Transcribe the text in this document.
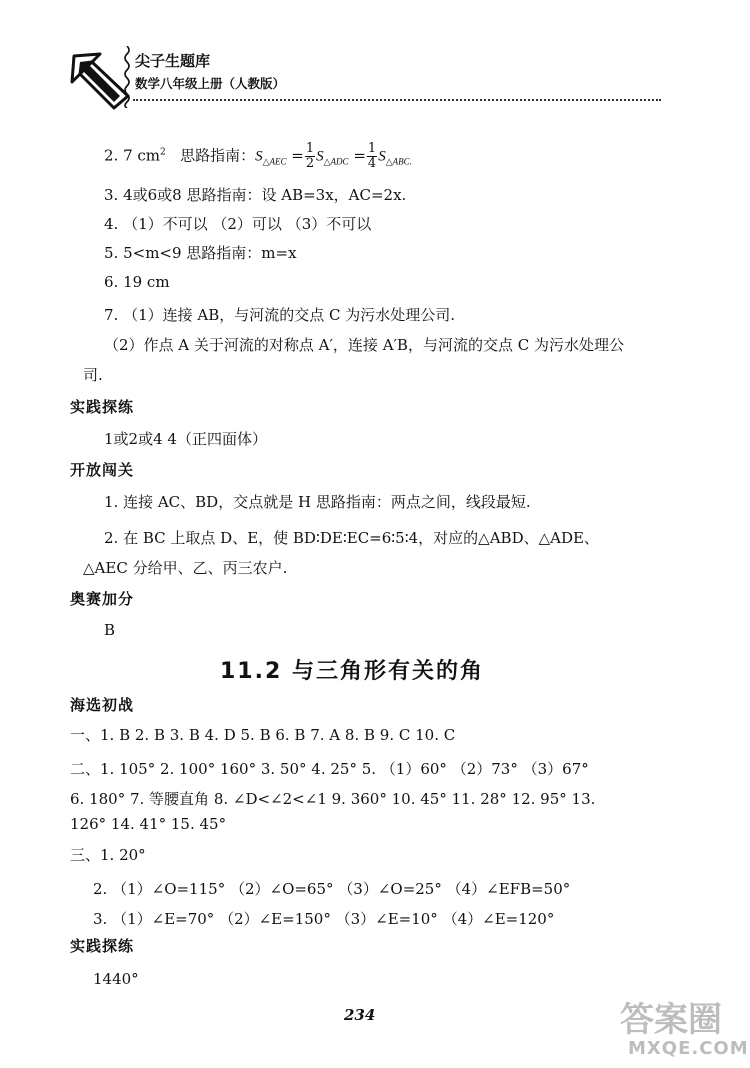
尖子生题库
数学八年级上册（人教版）
2. 7 $cm^2$ 思路指南：$S_{\triangle AEC} = \frac{1}{2} S_{\triangle ADC} = \frac{1}{4} S_{\triangle ABC.}$
3. 4或6或8 思路指南：设 AB=3x，AC=2x.
4. （1）不可以 （2）可以 （3）不可以
5. 5<m<9 思路指南：m=x
6. 19 cm
7. （1）连接 AB，与河流的交点 C 为污水处理公司.
（2）作点 A 关于河流的对称点 A′，连接 A′B，与河流的交点 C 为污水处理公
司.
实践探练
1或2或4 4（正四面体）
开放闯关
1. 连接 AC、BD，交点就是 H 思路指南：两点之间，线段最短.
2. 在 BC 上取点 D、E，使 BD∶DE∶EC=6∶5∶4，对应的△ABD、△ADE、
△AEC 分给甲、乙、丙三农户.
奥赛加分
B
11.2 与三角形有关的角
海选初战
一、1. B 2. B 3. B 4. D 5. B 6. B 7. A 8. B 9. C 10. C
二、1. 105° 2. 100° 160° 3. 50° 4. 25° 5. （1）60° （2）73° （3）67°
6. 180° 7. 等腰直角 8. ∠D<∠2<∠1 9. 360° 10. 45° 11. 28° 12. 95° 13.
126° 14. 41° 15. 45°
三、1. 20°
2. （1）∠O=115° （2）∠O=65° （3）∠O=25° （4）∠EFB=50°
3. （1）∠E=70° （2）∠E=150° （3）∠E=10° （4）∠E=120°
实践探练
1440°
234	答案圈
MXQE.COM
